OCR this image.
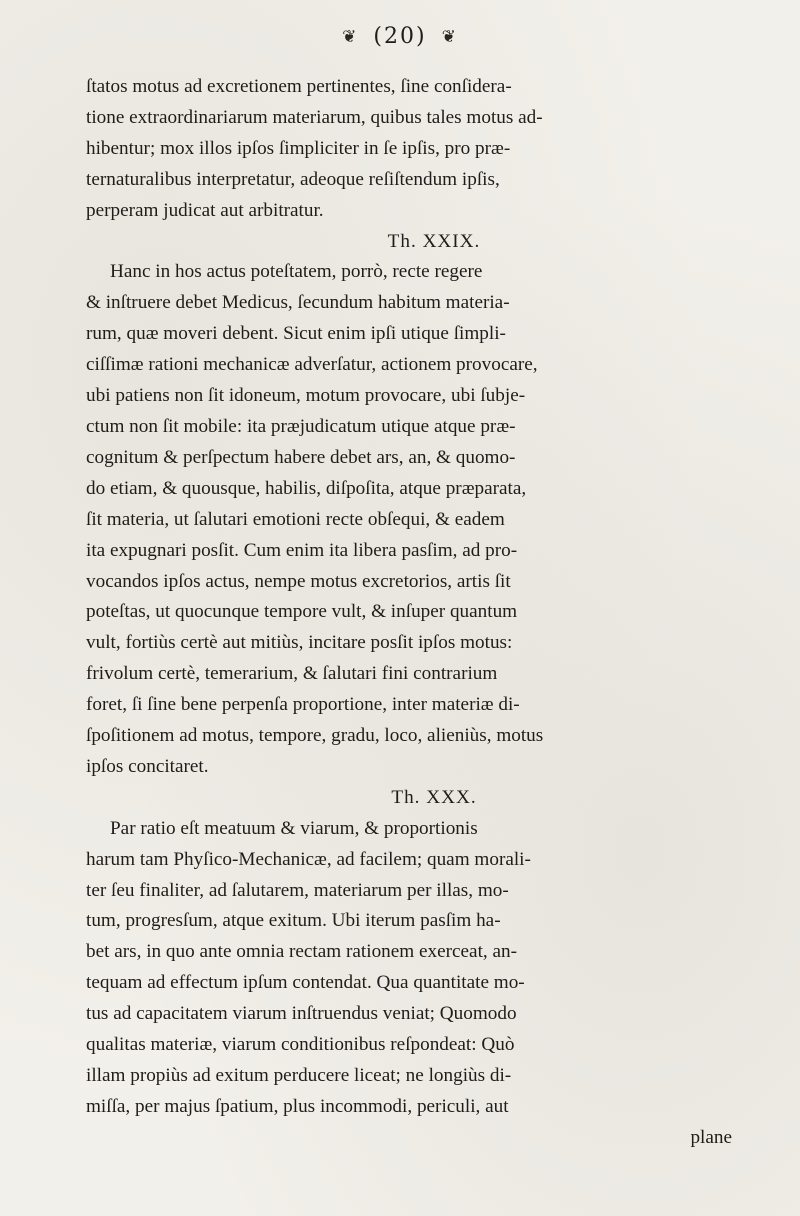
❦ (20) ❦
ſtatos motus ad excretionem pertinentes, ſine conſidera-
tione extraordinariarum materiarum, quibus tales motus ad-
hibentur; mox illos ipſos ſimpliciter in ſe ipſis, pro præ-
ternaturalibus interpretatur, adeoque reſiſtendum ipſis,
perperam judicat aut arbitratur.
Th. XXIX.
Hanc in hos actus poteſtatem, porrò, recte regere
& inſtruere debet Medicus, ſecundum habitum materia-
rum, quæ moveri debent. Sicut enim ipſi utique ſimpli-
ciſſimæ rationi mechanicæ adverſatur, actionem provocare,
ubi patiens non ſit idoneum, motum provocare, ubi ſubje-
ctum non ſit mobile: ita præjudicatum utique atque præ-
cognitum & perſpectum habere debet ars, an, & quomo-
do etiam, & quousque, habilis, diſpoſita, atque præparata,
ſit materia, ut ſalutari emotioni recte obſequi, & eadem
ita expugnari posſit. Cum enim ita libera pasſim, ad pro-
vocandos ipſos actus, nempe motus excretorios, artis ſit
poteſtas, ut quocunque tempore vult, & inſuper quantum
vult, fortiùs certè aut mitiùs, incitare posſit ipſos motus:
frivolum certè, temerarium, & ſalutari fini contrarium
foret, ſi ſine bene perpenſa proportione, inter materiæ di-
ſpoſitionem ad motus, tempore, gradu, loco, alieniùs, motus
ipſos concitaret.
Th. XXX.
Par ratio eſt meatuum & viarum, & proportionis
harum tam Phyſico-Mechanicæ, ad facilem; quam morali-
ter ſeu finaliter, ad ſalutarem, materiarum per illas, mo-
tum, progresſum, atque exitum. Ubi iterum pasſim ha-
bet ars, in quo ante omnia rectam rationem exerceat, an-
tequam ad effectum ipſum contendat. Qua quantitate mo-
tus ad capacitatem viarum inſtruendus veniat; Quomodo
qualitas materiæ, viarum conditionibus reſpondeat: Quò
illam propiùs ad exitum perducere liceat; ne longiùs di-
miſſa, per majus ſpatium, plus incommodi, periculi, aut
plane
